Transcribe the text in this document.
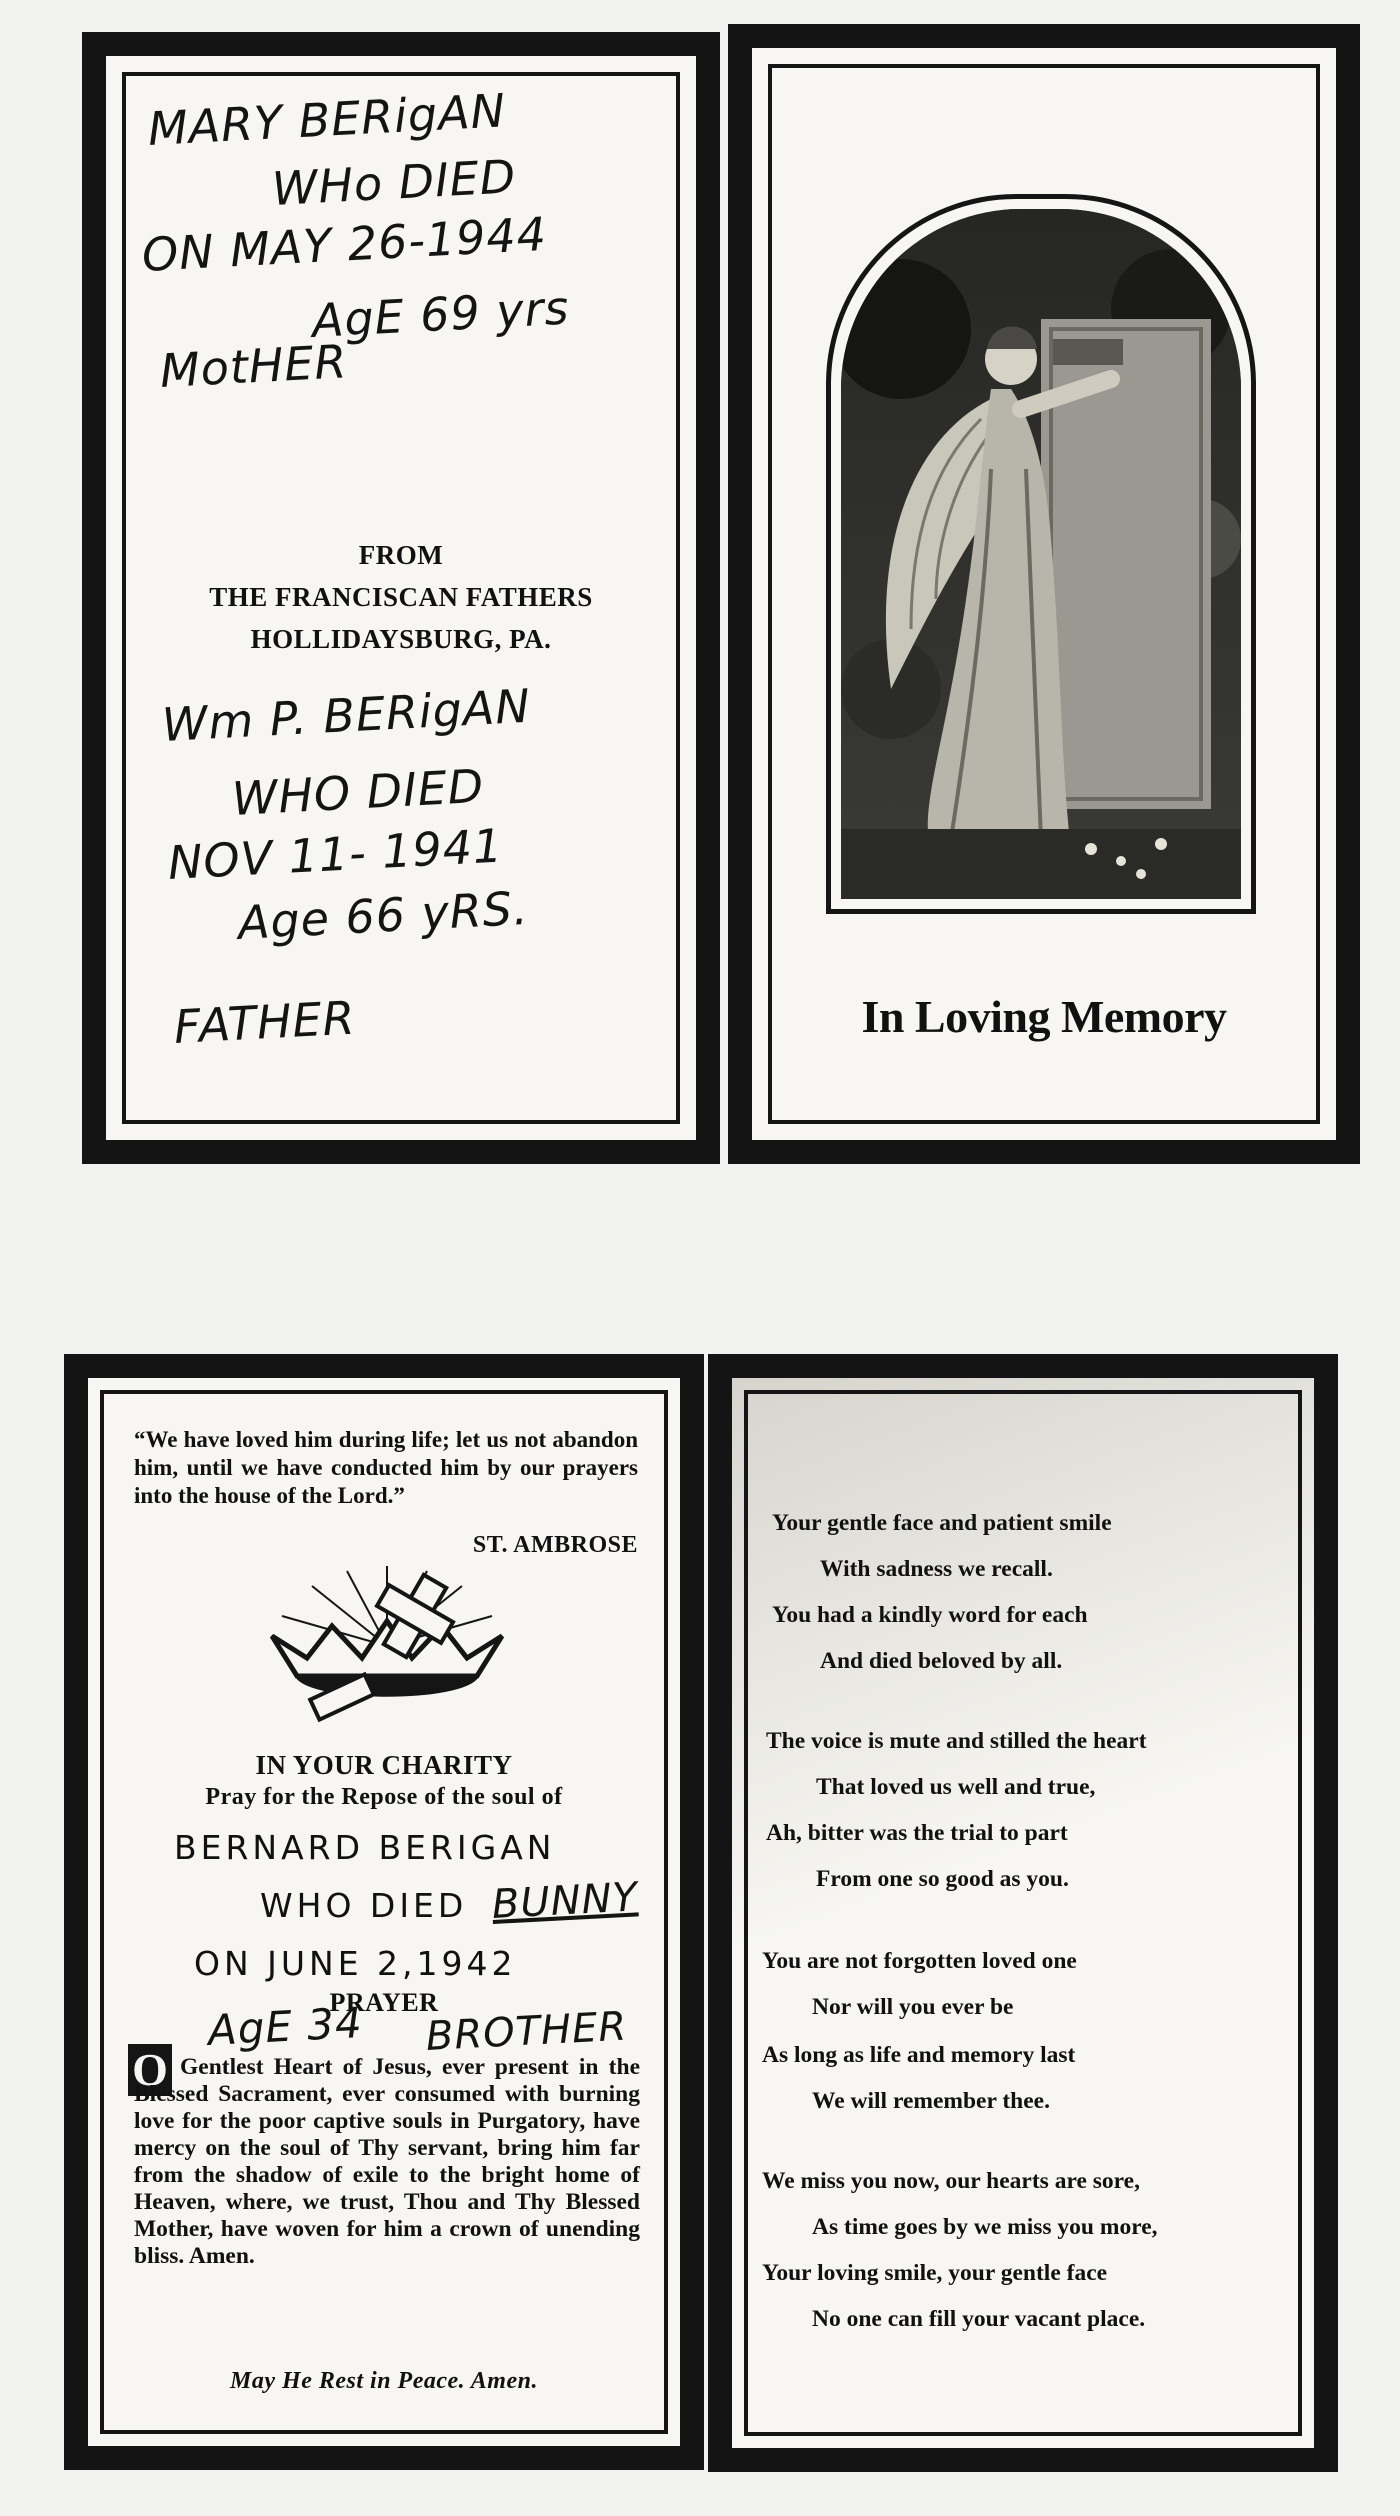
MARY BERigAN
WHo DIED
ON MAY 26-1944
AgE 69 yrs
MotHER
FROM
THE FRANCISCAN FATHERS
HOLLIDAYSBURG, PA.
Wm P. BERigAN
WHO DIED
NOV 11- 1941
Age 66 yRS.
FATHER	In Loving Memory
“We have loved him during life; let us not abandon him, until we have conducted him by our prayers into the house of the Lord.”
ST. AMBROSE
IN YOUR CHARITY
Pray for the Repose of the soul of
BERNARD BERIGAN
WHO DIED BUNNY
ON JUNE 2,1942
PRAYER
AgE 34 BROTHER
O Gentlest Heart of Jesus, ever present in the Blessed Sacrament, ever consumed with burning love for the poor captive souls in Purgatory, have mercy on the soul of Thy servant, bring him far from the shadow of exile to the bright home of Heaven, where, we trust, Thou and Thy Blessed Mother, have woven for him a crown of unending bliss. Amen.
May He Rest in Peace. Amen.
Your gentle face and patient smile
With sadness we recall.
You had a kindly word for each
And died beloved by all.
The voice is mute and stilled the heart
That loved us well and true,
Ah, bitter was the trial to part
From one so good as you.
You are not forgotten loved one
Nor will you ever be
As long as life and memory last
We will remember thee.
We miss you now, our hearts are sore,
As time goes by we miss you more,
Your loving smile, your gentle face
No one can fill your vacant place.
